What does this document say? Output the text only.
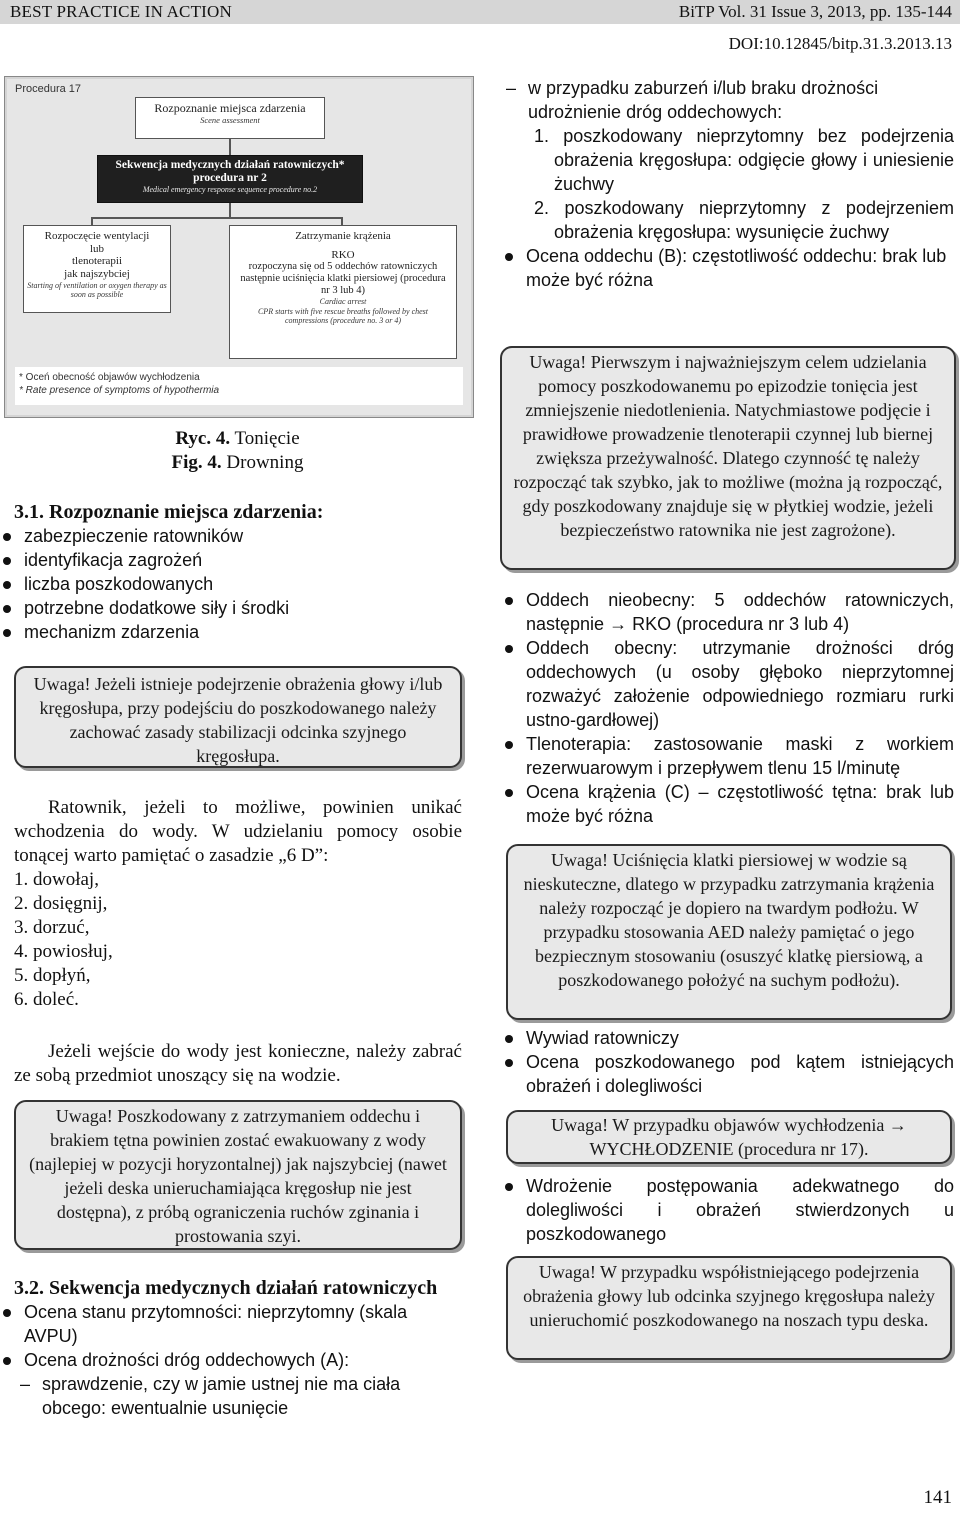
BEST PRACTICE IN ACTION	BiTP Vol. 31 Issue 3, 2013, pp. 135-144
DOI:10.12845/bitp.31.3.2013.13
Procedura 17
Rozpoznanie miejsca zdarzenia
Scene assessment
Sekwencja medycznych działań ratowniczych*
procedura nr 2
Medical emergency response sequence procedure no.2
Rozpoczęcie wentylacji
lub
tlenoterapii
jak najszybciej
Starting of ventilation or oxygen therapy as soon as possible
Zatrzymanie krążenia
RKO
rozpoczyna się od 5 oddechów ratowniczych następnie uciśnięcia klatki piersiowej (procedura nr 3 lub 4)
Cardiac arrest
CPR starts with five rescue breaths followed by chest compressions (procedure no. 3 or 4)
* Oceń obecność objawów wychłodzenia
* Rate presence of symptoms of hypothermia
Ryc. 4. Tonięcie
Fig. 4. Drowning
3.1. Rozpoznanie miejsca zdarzenia:
zabezpieczenie ratowników
identyfikacja zagrożeń
liczba poszkodowanych
potrzebne dodatkowe siły i środki
mechanizm zdarzenia
Uwaga! Jeżeli istnieje podejrzenie obrażenia głowy i/lub kręgosłupa, przy podejściu do poszkodowanego należy zachować zasady stabilizacji odcinka szyjnego kręgosłupa.
Ratownik, jeżeli to możliwe, powinien unikać wchodzenia do wody. W udzielaniu pomocy osobie tonącej warto pamiętać o zasadzie „6 D”:
1. dowołaj,
2. dosięgnij,
3. dorzuć,
4. powiosłuj,
5. dopłyń,
6. doleć.
Jeżeli wejście do wody jest konieczne, należy zabrać ze sobą przedmiot unoszący się na wodzie.
Uwaga! Poszkodowany z zatrzymaniem oddechu i brakiem tętna powinien zostać ewakuowany z wody (najlepiej w pozycji horyzontalnej) jak najszybciej (nawet jeżeli deska unieruchamiająca kręgosłup nie jest dostępna), z próbą ograniczenia ruchów zginania i prostowania szyi.
3.2. Sekwencja medycznych działań ratowniczych
Ocena stanu przytomności: nieprzytomny (skala AVPU)
Ocena drożności dróg oddechowych (A):
– sprawdzenie, czy w jamie ustnej nie ma ciała obcego: ewentualnie usunięcie
– w przypadku zaburzeń i/lub braku drożności udrożnienie dróg oddechowych:
1. poszkodowany nieprzytomny bez podejrzenia obrażenia kręgosłupa: odgięcie głowy i uniesienie żuchwy
2. poszkodowany nieprzytomny z podejrzeniem obrażenia kręgosłupa: wysunięcie żuchwy
Ocena oddechu (B): częstotliwość oddechu: brak lub może być różna
Uwaga! Pierwszym i najważniejszym celem udzielania pomocy poszkodowanemu po epizodzie tonięcia jest zmniejszenie niedotlenienia. Natychmiastowe podjęcie i prawidłowe prowadzenie tlenoterapii czynnej lub biernej zwiększa przeżywalność. Dlatego czynność tę należy rozpocząć tak szybko, jak to możliwe (można ją rozpocząć, gdy poszkodowany znajduje się w płytkiej wodzie, jeżeli bezpieczeństwo ratownika nie jest zagrożone).
Oddech nieobecny: 5 oddechów ratowniczych, następnie → RKO (procedura nr 3 lub 4)
Oddech obecny: utrzymanie drożności dróg oddechowych (u osoby głęboko nieprzytomnej rozważyć założenie odpowiedniego rozmiaru rurki ustno-gardłowej)
Tlenoterapia: zastosowanie maski z workiem rezerwuarowym i przepływem tlenu 15 l/minutę
Ocena krążenia (C) – częstotliwość tętna: brak lub może być różna
Uwaga! Uciśnięcia klatki piersiowej w wodzie są nieskuteczne, dlatego w przypadku zatrzymania krążenia należy rozpocząć je dopiero na twardym podłożu. W przypadku stosowania AED należy pamiętać o jego bezpiecznym stosowaniu (osuszyć klatkę piersiową, a poszkodowanego położyć na suchym podłożu).
Wywiad ratowniczy
Ocena poszkodowanego pod kątem istniejących obrażeń i dolegliwości
Uwaga! W przypadku objawów wychłodzenia → WYCHŁODZENIE (procedura nr 17).
Wdrożenie postępowania adekwatnego do dolegliwości i obrażeń stwierdzonych u poszkodowanego
Uwaga! W przypadku współistniejącego podejrzenia obrażenia głowy lub odcinka szyjnego kręgosłupa należy unieruchomić poszkodowanego na noszach typu deska.
141
